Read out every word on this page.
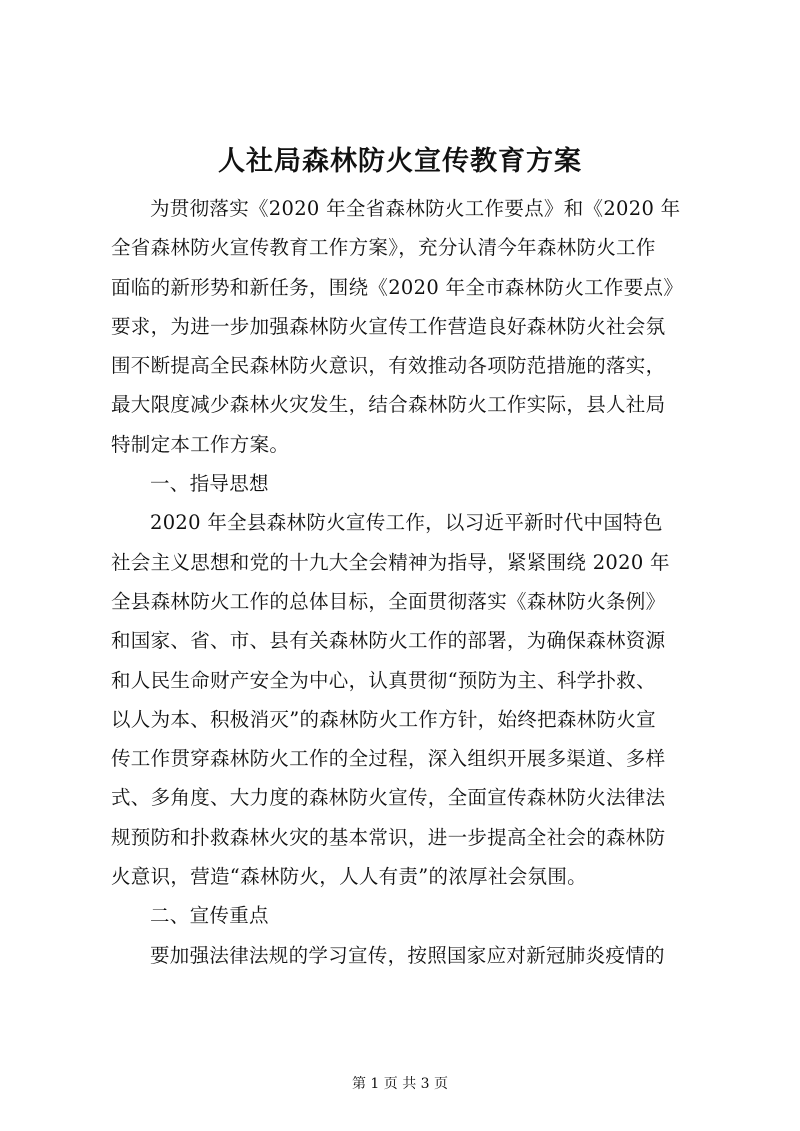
人社局森林防火宣传教育方案
为贯彻落实《2020 年全省森林防火工作要点》和《2020 年
全省森林防火宣传教育工作方案》，充分认清今年森林防火工作
面临的新形势和新任务，围绕《2020 年全市森林防火工作要点》
要求，为进一步加强森林防火宣传工作营造良好森林防火社会氛
围不断提高全民森林防火意识，有效推动各项防范措施的落实，
最大限度减少森林火灾发生，结合森林防火工作实际，县人社局
特制定本工作方案。
一、指导思想
2020 年全县森林防火宣传工作，以习近平新时代中国特色
社会主义思想和党的十九大全会精神为指导，紧紧围绕 2020 年
全县森林防火工作的总体目标，全面贯彻落实《森林防火条例》
和国家、省、市、县有关森林防火工作的部署，为确保森林资源
和人民生命财产安全为中心，认真贯彻“预防为主、科学扑救、
以人为本、积极消灭”的森林防火工作方针，始终把森林防火宣
传工作贯穿森林防火工作的全过程，深入组织开展多渠道、多样
式、多角度、大力度的森林防火宣传，全面宣传森林防火法律法
规预防和扑救森林火灾的基本常识，进一步提高全社会的森林防
火意识，营造“森林防火，人人有责”的浓厚社会氛围。
二、宣传重点
要加强法律法规的学习宣传，按照国家应对新冠肺炎疫情的
第 1 页 共 3 页
